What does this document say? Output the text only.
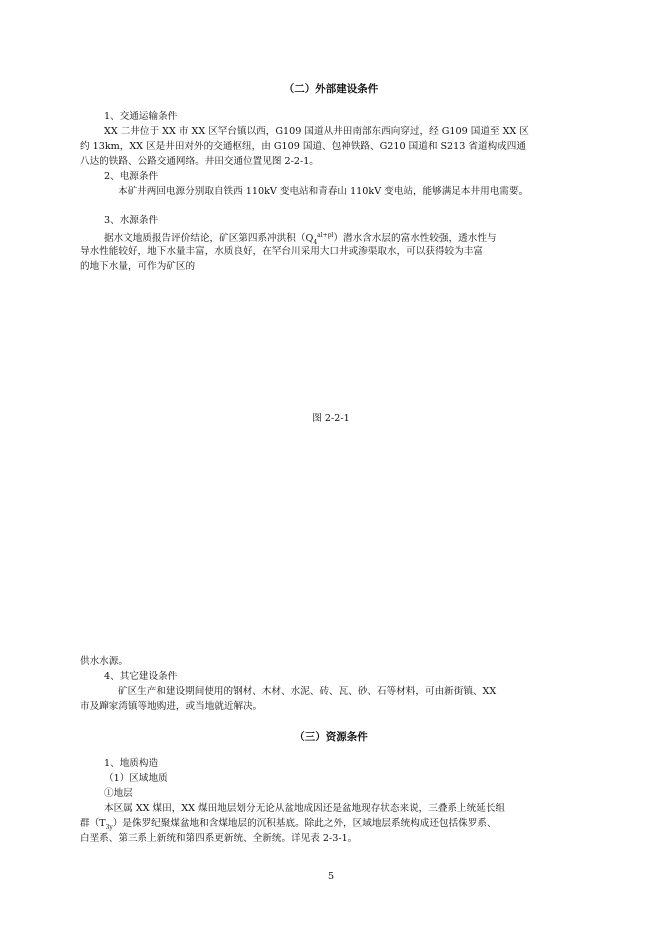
（二）外部建设条件
1、交通运输条件
XX 二井位于 XX 市 XX 区罕台镇以西，G109 国道从井田南部东西向穿过，经 G109 国道至 XX 区
约 13km，XX 区是井田对外的交通枢纽，由 G109 国道、包神铁路、G210 国道和 S213 省道构成四通
八达的铁路、公路交通网络。井田交通位置见图 2-2-1。
2、电源条件
本矿井两回电源分别取自铁西 110kV 变电站和青春山 110kV 变电站，能够满足本井用电需要。
3、水源条件
据水文地质报告评价结论，矿区第四系冲洪积$(Q_4^{al+pl})$潜水含水层的富水性较强，透水性与
导水性能较好，地下水量丰富，水质良好，在罕台川采用大口井或渗渠取水，可以获得较为丰富
的地下水量，可作为矿区的
图 2-2-1
供水水源。
4、其它建设条件
矿区生产和建设期间使用的钢材、木材、水泥、砖、瓦、砂、石等材料，可由新街镇、XX
市及蹿家湾镇等地购进，或当地就近解决。
（三）资源条件
1、地质构造
（1）区域地质
①地层
本区属 XX 煤田，XX 煤田地层划分无论从盆地成因还是盆地现存状态来说，三叠系上统延长组
群$(T_{3y})$是侏罗纪聚煤盆地和含煤地层的沉积基底。除此之外，区域地层系统构成还包括侏罗系、
白垩系、第三系上新统和第四系更新统、全新统。详见表 2-3-1。
5
